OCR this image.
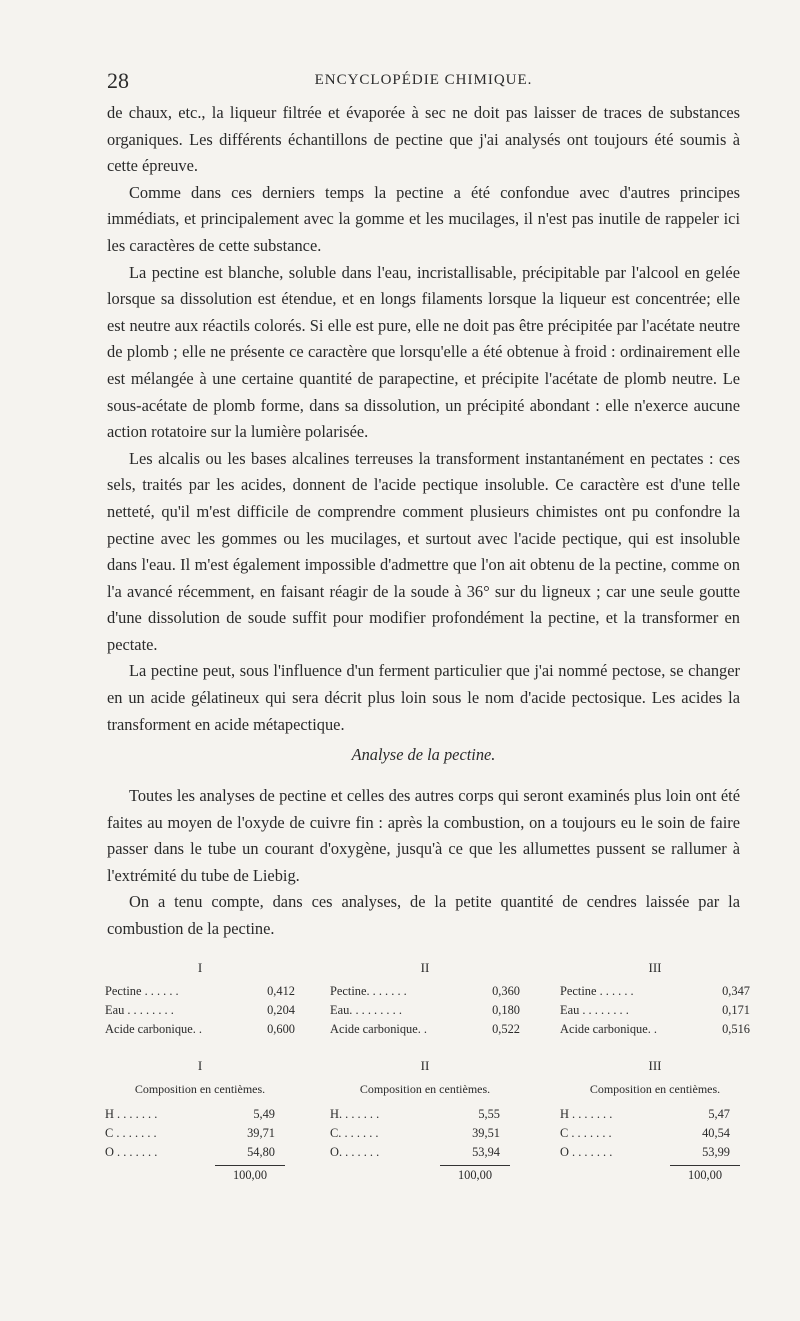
28	ENCYCLOPÉDIE CHIMIQUE.

de chaux, etc., la liqueur filtrée et évaporée à sec ne doit pas laisser de traces de substances organiques. Les différents échantillons de pectine que j'ai analysés ont toujours été soumis à cette épreuve.

Comme dans ces derniers temps la pectine a été confondue avec d'autres principes immédiats, et principalement avec la gomme et les mucilages, il n'est pas inutile de rappeler ici les caractères de cette substance.

La pectine est blanche, soluble dans l'eau, incristallisable, précipitable par l'alcool en gelée lorsque sa dissolution est étendue, et en longs filaments lorsque la liqueur est concentrée; elle est neutre aux réactils colorés. Si elle est pure, elle ne doit pas être précipitée par l'acétate neutre de plomb ; elle ne présente ce caractère que lorsqu'elle a été obtenue à froid : ordinairement elle est mélangée à une certaine quantité de parapectine, et précipite l'acétate de plomb neutre. Le sous-acétate de plomb forme, dans sa dissolution, un précipité abondant : elle n'exerce aucune action rotatoire sur la lumière polarisée.

Les alcalis ou les bases alcalines terreuses la transforment instantanément en pectates : ces sels, traités par les acides, donnent de l'acide pectique insoluble. Ce caractère est d'une telle netteté, qu'il m'est difficile de comprendre comment plusieurs chimistes ont pu confondre la pectine avec les gommes ou les mucilages, et surtout avec l'acide pectique, qui est insoluble dans l'eau. Il m'est également impossible d'admettre que l'on ait obtenu de la pectine, comme on l'a avancé récemment, en faisant réagir de la soude à 36° sur du ligneux ; car une seule goutte d'une dissolution de soude suffit pour modifier profondément la pectine, et la transformer en pectate.

La pectine peut, sous l'influence d'un ferment particulier que j'ai nommé pectose, se changer en un acide gélatineux qui sera décrit plus loin sous le nom d'acide pectosique. Les acides la transforment en acide métapectique.

Analyse de la pectine.

Toutes les analyses de pectine et celles des autres corps qui seront examinés plus loin ont été faites au moyen de l'oxyde de cuivre fin : après la combustion, on a toujours eu le soin de faire passer dans le tube un courant d'oxygène, jusqu'à ce que les allumettes pussent se rallumer à l'extrémité du tube de Liebig.

On a tenu compte, dans ces analyses, de la petite quantité de cendres laissée par la combustion de la pectine.

I
Pectine . . . . . .	0,412
Eau . . . . . . . .	0,204
Acide carbonique. .	0,600
II
Pectine. . . . . . .	0,360
Eau. . . . . . . . .	0,180
Acide carbonique. .	0,522
III
Pectine . . . . . .	0,347
Eau . . . . . . . .	0,171
Acide carbonique. .	0,516
I
Composition en centièmes.
H . . . . . . .	5,49
C . . . . . . .	39,71
O . . . . . . .	54,80
100,00
II
Composition en centièmes.
H. . . . . . .	5,55
C. . . . . . .	39,51
O. . . . . . .	53,94
100,00
III
Composition en centièmes.
H . . . . . . .	5,47
C . . . . . . .	40,54
O . . . . . . .	53,99
100,00
